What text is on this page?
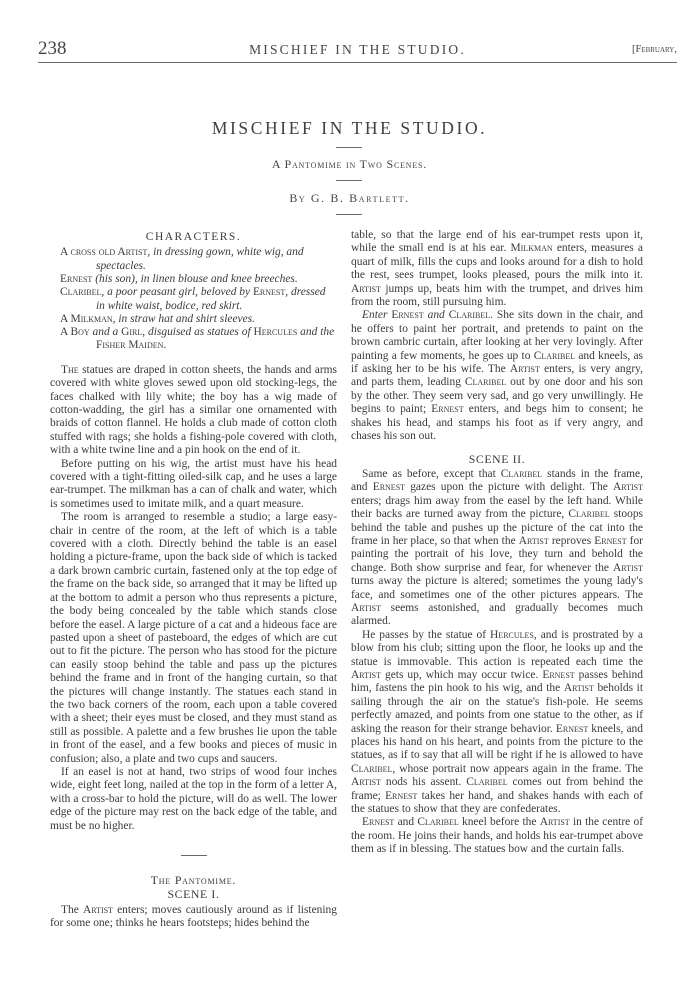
238	MISCHIEF IN THE STUDIO.	[February,
MISCHIEF IN THE STUDIO.
A Pantomime in Two Scenes.
By G. B. Bartlett.
CHARACTERS.
A cross old Artist, in dressing gown, white wig, and spectacles.
Ernest (his son), in linen blouse and knee breeches.
Claribel, a poor peasant girl, beloved by Ernest, dressed in white waist, bodice, red skirt.
A Milkman, in straw hat and shirt sleeves.
A Boy and a Girl, disguised as statues of Hercules and the Fisher Maiden.

The statues are draped in cotton sheets, the hands and arms covered with white gloves sewed upon old stocking-legs, the faces chalked with lily white; the boy has a wig made of cotton-wadding, the girl has a similar one ornamented with braids of cotton flannel. He holds a club made of cotton cloth stuffed with rags; she holds a fishing-pole covered with cloth, with a white twine line and a pin hook on the end of it.

Before putting on his wig, the artist must have his head covered with a tight-fitting oiled-silk cap, and he uses a large ear-trumpet. The milkman has a can of chalk and water, which is sometimes used to imitate milk, and a quart measure.

The room is arranged to resemble a studio; a large easy-chair in centre of the room, at the left of which is a table covered with a cloth. Directly behind the table is an easel holding a picture-frame, upon the back side of which is tacked a dark brown cambric curtain, fastened only at the top edge of the frame on the back side, so arranged that it may be lifted up at the bottom to admit a person who thus represents a picture, the body being concealed by the table which stands close before the easel. A large picture of a cat and a hideous face are pasted upon a sheet of pasteboard, the edges of which are cut out to fit the picture. The person who has stood for the picture can easily stoop behind the table and pass up the pictures behind the frame and in front of the hanging curtain, so that the pictures will change instantly. The statues each stand in the two back corners of the room, each upon a table covered with a sheet; their eyes must be closed, and they must stand as still as possible. A palette and a few brushes lie upon the table in front of the easel, and a few books and pieces of music in confusion; also, a plate and two cups and saucers.

If an easel is not at hand, two strips of wood four inches wide, eight feet long, nailed at the top in the form of a letter A, with a cross-bar to hold the picture, will do as well. The lower edge of the picture may rest on the back edge of the table, and must be no higher.

The Pantomime.
SCENE I.

The Artist enters; moves cautiously around as if listening for some one; thinks he hears footsteps; hides behind the

table, so that the large end of his ear-trumpet rests upon it, while the small end is at his ear. Milkman enters, measures a quart of milk, fills the cups and looks around for a dish to hold the rest, sees trumpet, looks pleased, pours the milk into it. Artist jumps up, beats him with the trumpet, and drives him from the room, still pursuing him.

Enter Ernest and Claribel. She sits down in the chair, and he offers to paint her portrait, and pretends to paint on the brown cambric curtain, after looking at her very lovingly. After painting a few moments, he goes up to Claribel and kneels, as if asking her to be his wife. The Artist enters, is very angry, and parts them, leading Claribel out by one door and his son by the other. They seem very sad, and go very unwillingly. He begins to paint; Ernest enters, and begs him to consent; he shakes his head, and stamps his foot as if very angry, and chases his son out.

SCENE II.

Same as before, except that Claribel stands in the frame, and Ernest gazes upon the picture with delight. The Artist enters; drags him away from the easel by the left hand. While their backs are turned away from the picture, Claribel stoops behind the table and pushes up the picture of the cat into the frame in her place, so that when the Artist reproves Ernest for painting the portrait of his love, they turn and behold the change. Both show surprise and fear, for whenever the Artist turns away the picture is altered; sometimes the young lady's face, and sometimes one of the other pictures appears. The Artist seems astonished, and gradually becomes much alarmed.

He passes by the statue of Hercules, and is prostrated by a blow from his club; sitting upon the floor, he looks up and the statue is immovable. This action is repeated each time the Artist gets up, which may occur twice. Ernest passes behind him, fastens the pin hook to his wig, and the Artist beholds it sailing through the air on the statue's fish-pole. He seems perfectly amazed, and points from one statue to the other, as if asking the reason for their strange behavior. Ernest kneels, and places his hand on his heart, and points from the picture to the statues, as if to say that all will be right if he is allowed to have Claribel, whose portrait now appears again in the frame. The Artist nods his assent. Claribel comes out from behind the frame; Ernest takes her hand, and shakes hands with each of the statues to show that they are confederates.

Ernest and Claribel kneel before the Artist in the centre of the room. He joins their hands, and holds his ear-trumpet above them as if in blessing. The statues bow and the curtain falls.
